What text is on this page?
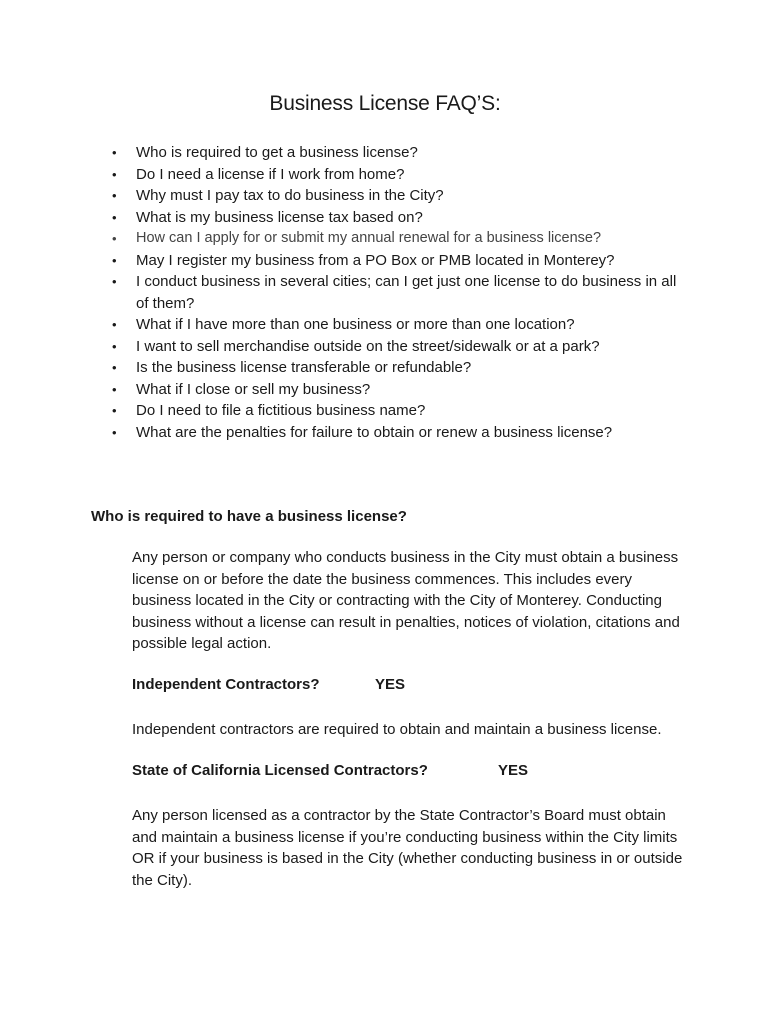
Business License FAQ’S:
• Who is required to get a business license?
• Do I need a license if I work from home?
• Why must I pay tax to do business in the City?
• What is my business license tax based on?
• How can I apply for or submit my annual renewal for a business license?
• May I register my business from a PO Box or PMB located in Monterey?
• I conduct business in several cities; can I get just one license to do business in all of them?
• What if I have more than one business or more than one location?
• I want to sell merchandise outside on the street/sidewalk or at a park?
• Is the business license transferable or refundable?
• What if I close or sell my business?
• Do I need to file a fictitious business name?
• What are the penalties for failure to obtain or renew a business license?
Who is required to have a business license?

Any person or company who conducts business in the City must obtain a business license on or before the date the business commences. This includes every business located in the City or contracting with the City of Monterey. Conducting business without a license can result in penalties, notices of violation, citations and possible legal action.

Independent Contractors?	YES

Independent contractors are required to obtain and maintain a business license.

State of California Licensed Contractors?	YES

Any person licensed as a contractor by the State Contractor’s Board must obtain and maintain a business license if you’re conducting business within the City limits OR if your business is based in the City (whether conducting business in or outside the City).
